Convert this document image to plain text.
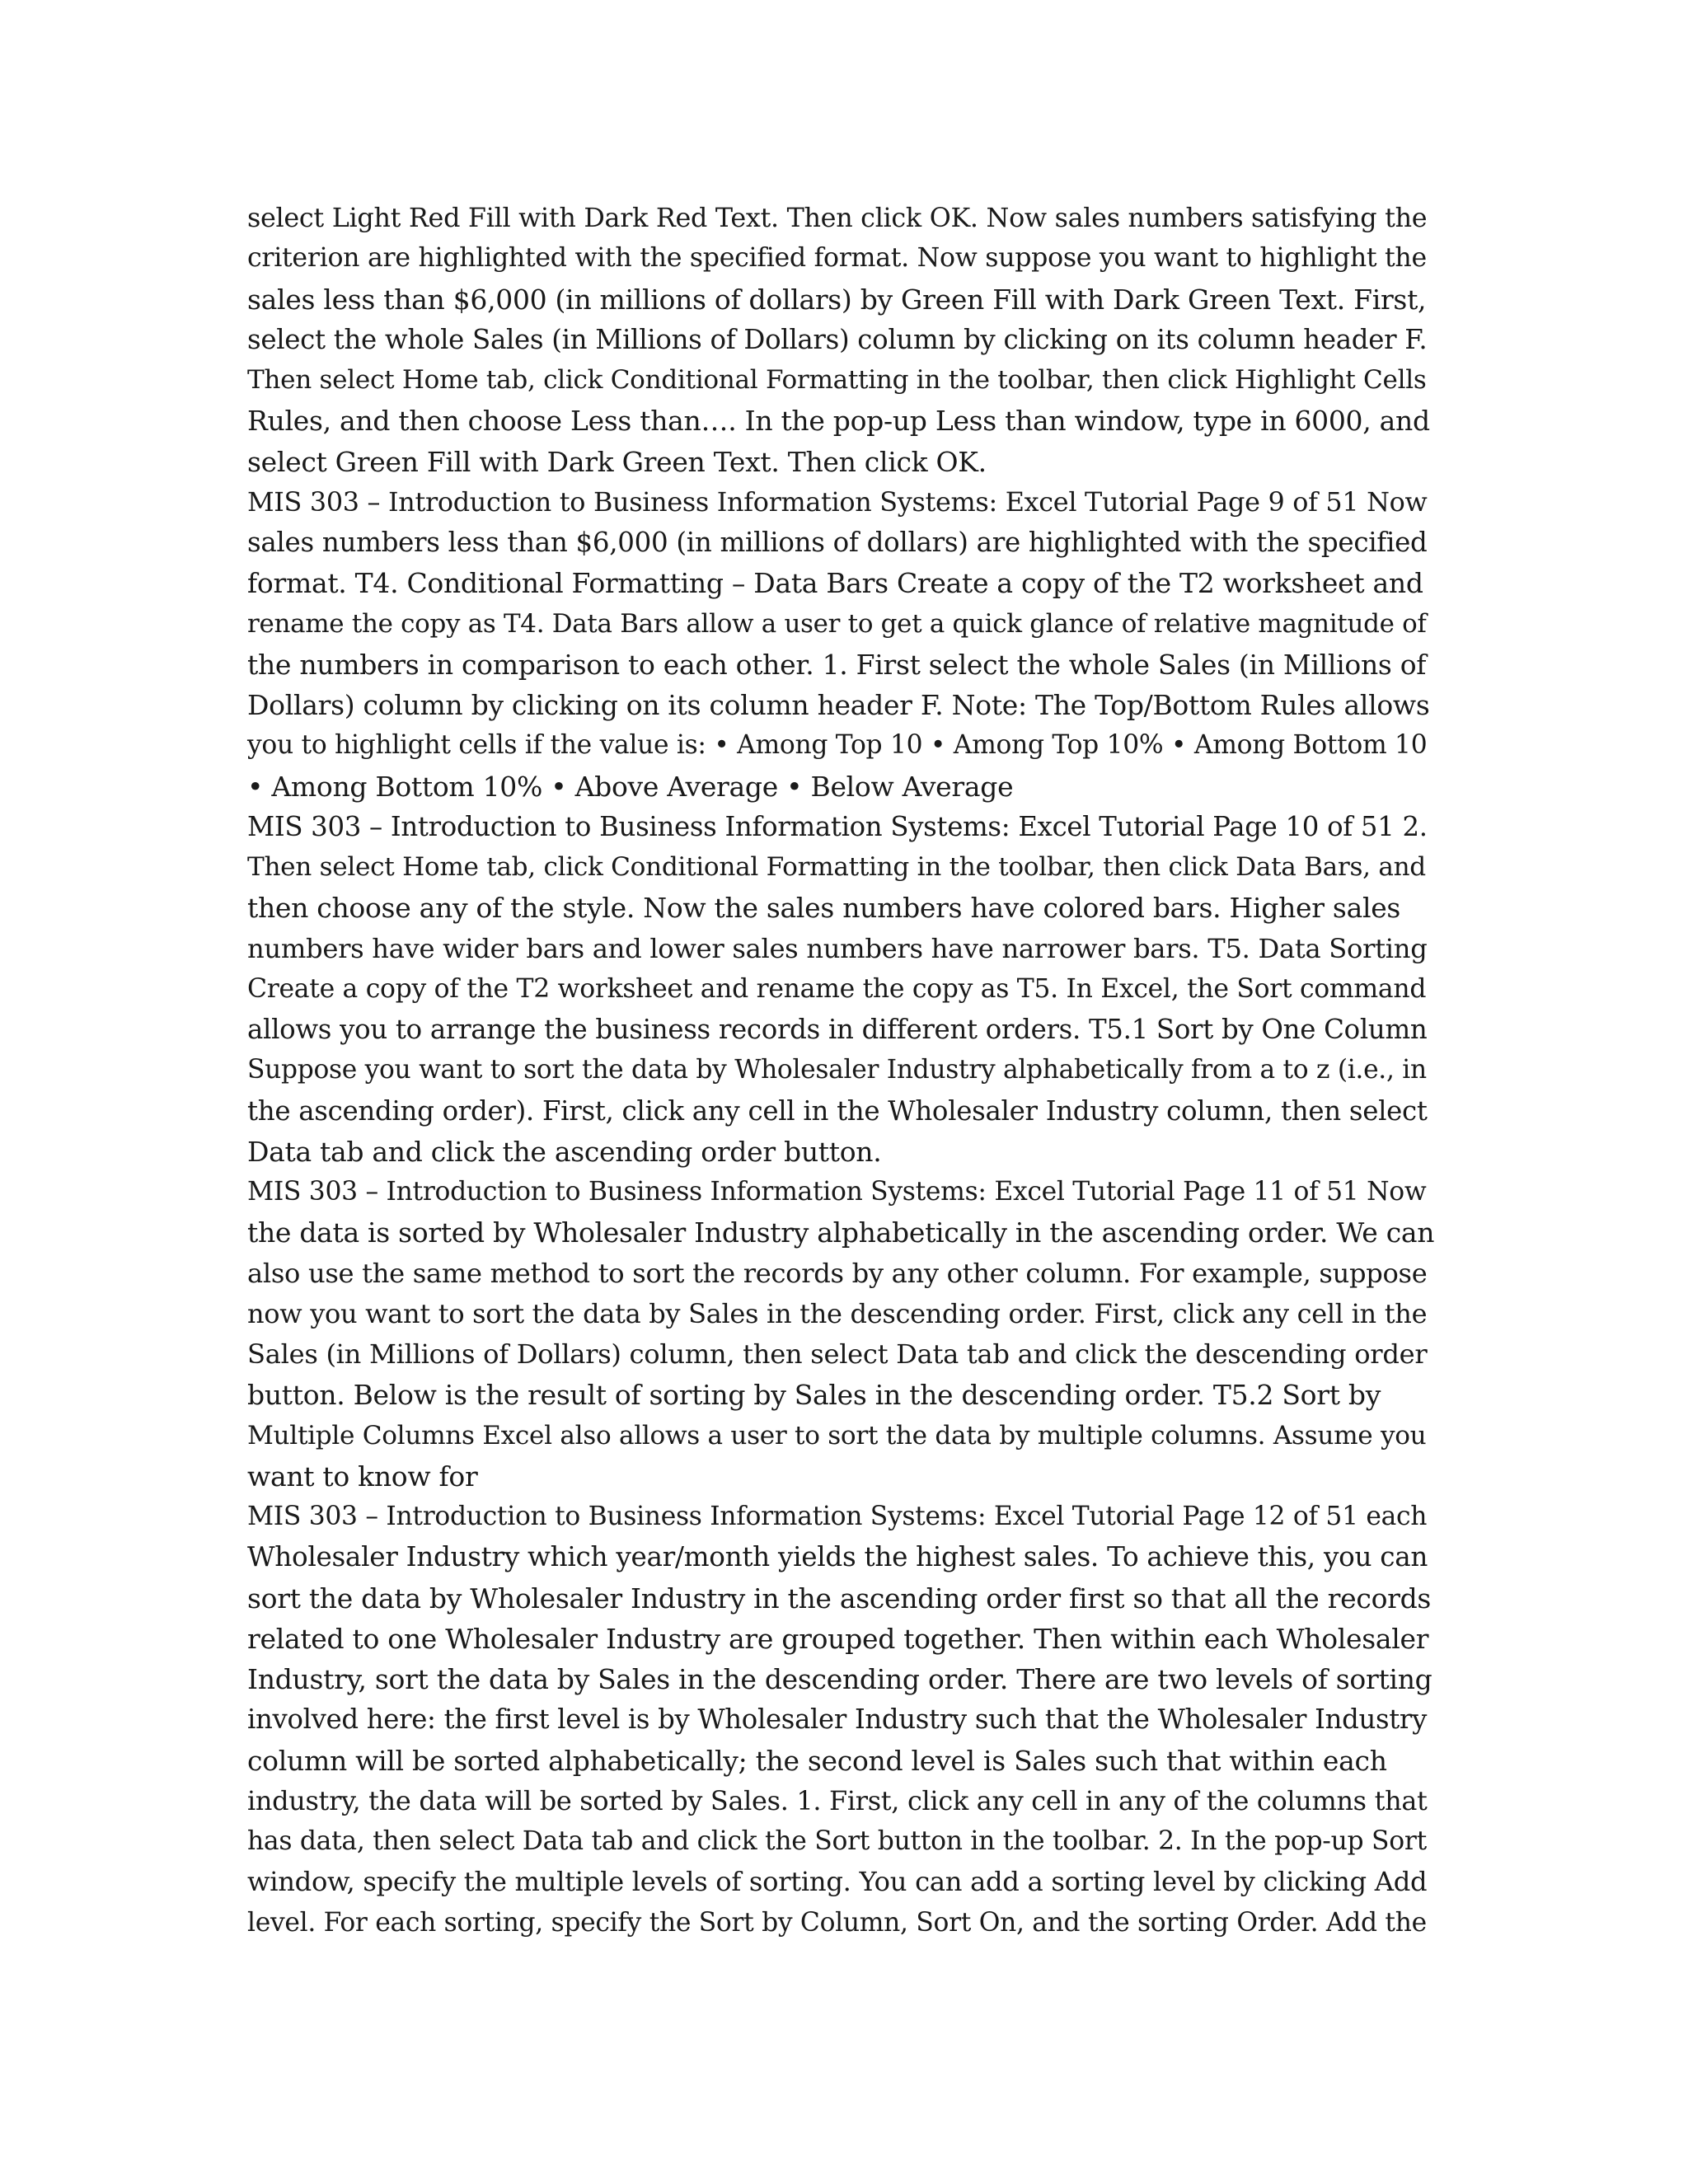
select Light Red Fill with Dark Red Text. Then click OK. Now sales numbers satisfying the
criterion are highlighted with the specified format. Now suppose you want to highlight the
sales less than $6,000 (in millions of dollars) by Green Fill with Dark Green Text. First,
select the whole Sales (in Millions of Dollars) column by clicking on its column header F.
Then select Home tab, click Conditional Formatting in the toolbar, then click Highlight Cells
Rules, and then choose Less than…. In the pop-up Less than window, type in 6000, and
select Green Fill with Dark Green Text. Then click OK.
MIS 303 – Introduction to Business Information Systems: Excel Tutorial Page 9 of 51 Now
sales numbers less than $6,000 (in millions of dollars) are highlighted with the specified
format. T4. Conditional Formatting – Data Bars Create a copy of the T2 worksheet and
rename the copy as T4. Data Bars allow a user to get a quick glance of relative magnitude of
the numbers in comparison to each other. 1. First select the whole Sales (in Millions of
Dollars) column by clicking on its column header F. Note: The Top/Bottom Rules allows
you to highlight cells if the value is: • Among Top 10 • Among Top 10% • Among Bottom 10
• Among Bottom 10% • Above Average • Below Average
MIS 303 – Introduction to Business Information Systems: Excel Tutorial Page 10 of 51 2.
Then select Home tab, click Conditional Formatting in the toolbar, then click Data Bars, and
then choose any of the style. Now the sales numbers have colored bars. Higher sales
numbers have wider bars and lower sales numbers have narrower bars. T5. Data Sorting
Create a copy of the T2 worksheet and rename the copy as T5. In Excel, the Sort command
allows you to arrange the business records in different orders. T5.1 Sort by One Column
Suppose you want to sort the data by Wholesaler Industry alphabetically from a to z (i.e., in
the ascending order). First, click any cell in the Wholesaler Industry column, then select
Data tab and click the ascending order button.
MIS 303 – Introduction to Business Information Systems: Excel Tutorial Page 11 of 51 Now
the data is sorted by Wholesaler Industry alphabetically in the ascending order. We can
also use the same method to sort the records by any other column. For example, suppose
now you want to sort the data by Sales in the descending order. First, click any cell in the
Sales (in Millions of Dollars) column, then select Data tab and click the descending order
button. Below is the result of sorting by Sales in the descending order. T5.2 Sort by
Multiple Columns Excel also allows a user to sort the data by multiple columns. Assume you
want to know for
MIS 303 – Introduction to Business Information Systems: Excel Tutorial Page 12 of 51 each
Wholesaler Industry which year/month yields the highest sales. To achieve this, you can
sort the data by Wholesaler Industry in the ascending order first so that all the records
related to one Wholesaler Industry are grouped together. Then within each Wholesaler
Industry, sort the data by Sales in the descending order. There are two levels of sorting
involved here: the first level is by Wholesaler Industry such that the Wholesaler Industry
column will be sorted alphabetically; the second level is Sales such that within each
industry, the data will be sorted by Sales. 1. First, click any cell in any of the columns that
has data, then select Data tab and click the Sort button in the toolbar. 2. In the pop-up Sort
window, specify the multiple levels of sorting. You can add a sorting level by clicking Add
level. For each sorting, specify the Sort by Column, Sort On, and the sorting Order. Add the
